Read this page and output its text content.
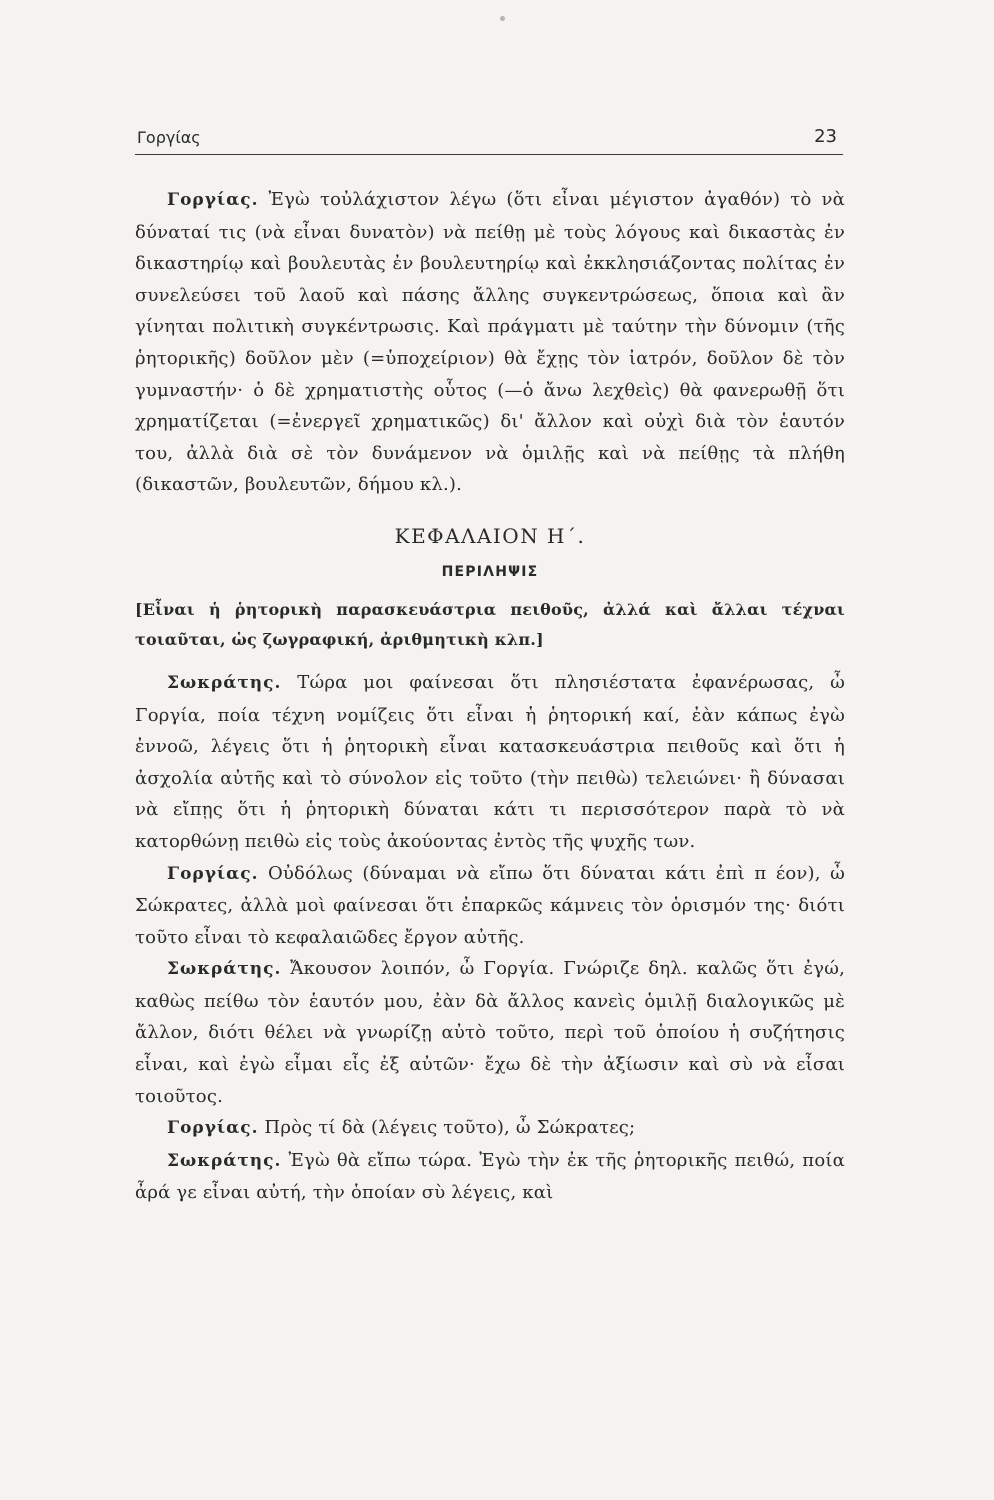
Γοργίας	23

Γοργίας. Ἐγὼ τοὐλάχιστον λέγω (ὅτι εἶναι μέγιστον ἀγαθόν) τὸ νὰ δύναταί τις (νὰ εἶναι δυνατὸν) νὰ πείθῃ μὲ τοὺς λόγους καὶ δικαστὰς ἐν δικαστηρίῳ καὶ βουλευτὰς ἐν βουλευτηρίῳ καὶ ἐκκλησιάζοντας πολίτας ἐν συνελεύσει τοῦ λαοῦ καὶ πάσης ἄλλης συγκεντρώσεως, ὅποια καὶ ἂν γίνηται πολιτικὴ συγκέντρωσις. Καὶ πράγματι μὲ ταύτην τὴν δύνομιν (τῆς ῥητορικῆς) δοῦλον μὲν (=ὑποχείριον) θὰ ἔχῃς τὸν ἰατρόν, δοῦλον δὲ τὸν γυμναστήν· ὁ δὲ χρηματιστὴς οὗτος (—ὁ ἄνω λεχθεὶς) θὰ φανερωθῇ ὅτι χρηματίζεται (=ἐνεργεῖ χρηματικῶς) δι' ἄλλον καὶ οὐχὶ διὰ τὸν ἑαυτόν του, ἀλλὰ διὰ σὲ τὸν δυνάμενον νὰ ὁμιλῇς καὶ νὰ πείθῃς τὰ πλήθη (δικαστῶν, βουλευτῶν, δήμου κλ.).

ΚΕΦΑΛΑΙΟΝ Η΄.
ΠΕΡΙΛΗΨΙΣ

[Εἶναι ἡ ῥητορικὴ παρασκευάστρια πειθοῦς, ἀλλά καὶ ἄλλαι τέχναι τοιαῦται, ὡς ζωγραφική, ἀριθμητικὴ κλπ.]

Σωκράτης. Τώρα μοι φαίνεσαι ὅτι πλησιέστατα ἐφανέρωσας, ὦ Γοργία, ποία τέχνη νομίζεις ὅτι εἶναι ἡ ῥητορική καί, ἐὰν κάπως ἐγὼ ἐννοῶ, λέγεις ὅτι ἡ ῥητορικὴ εἶναι κατασκευάστρια πειθοῦς καὶ ὅτι ἡ ἀσχολία αὐτῆς καὶ τὸ σύνολον εἰς τοῦτο (τὴν πειθὼ) τελειώνει· ἢ δύνασαι νὰ εἴπῃς ὅτι ἡ ῥητορικὴ δύναται κάτι τι περισσότερον παρὰ τὸ νὰ κατορθώνῃ πειθὼ εἰς τοὺς ἀκούοντας ἐντὸς τῆς ψυχῆς των.

Γοργίας. Οὐδόλως (δύναμαι νὰ εἴπω ὅτι δύναται κάτι ἐπὶ π έον), ὦ Σώκρατες, ἀλλὰ μοὶ φαίνεσαι ὅτι ἐπαρκῶς κάμνεις τὸν ὁρισμόν της· διότι τοῦτο εἶναι τὸ κεφαλαιῶδες ἔργον αὐτῆς.

Σωκράτης. Ἄκουσον λοιπόν, ὦ Γοργία. Γνώριζε δηλ. καλῶς ὅτι ἐγώ, καθὼς πείθω τὸν ἑαυτόν μου, ἐὰν δὰ ἄλλος κανεὶς ὁμιλῇ διαλογικῶς μὲ ἄλλον, διότι θέλει νὰ γνωρίζῃ αὐτὸ τοῦτο, περὶ τοῦ ὁποίου ἡ συζήτησις εἶναι, καὶ ἐγὼ εἶμαι εἷς ἐξ αὐτῶν· ἔχω δὲ τὴν ἀξίωσιν καὶ σὺ νὰ εἶσαι τοιοῦτος.

Γοργίας. Πρὸς τί δὰ (λέγεις τοῦτο), ὦ Σώκρατες;

Σωκράτης. Ἐγὼ θὰ εἴπω τώρα. Ἐγὼ τὴν ἐκ τῆς ῥητορικῆς πειθώ, ποία ἆρά γε εἶναι αὐτή, τὴν ὁποίαν σὺ λέγεις, καὶ
